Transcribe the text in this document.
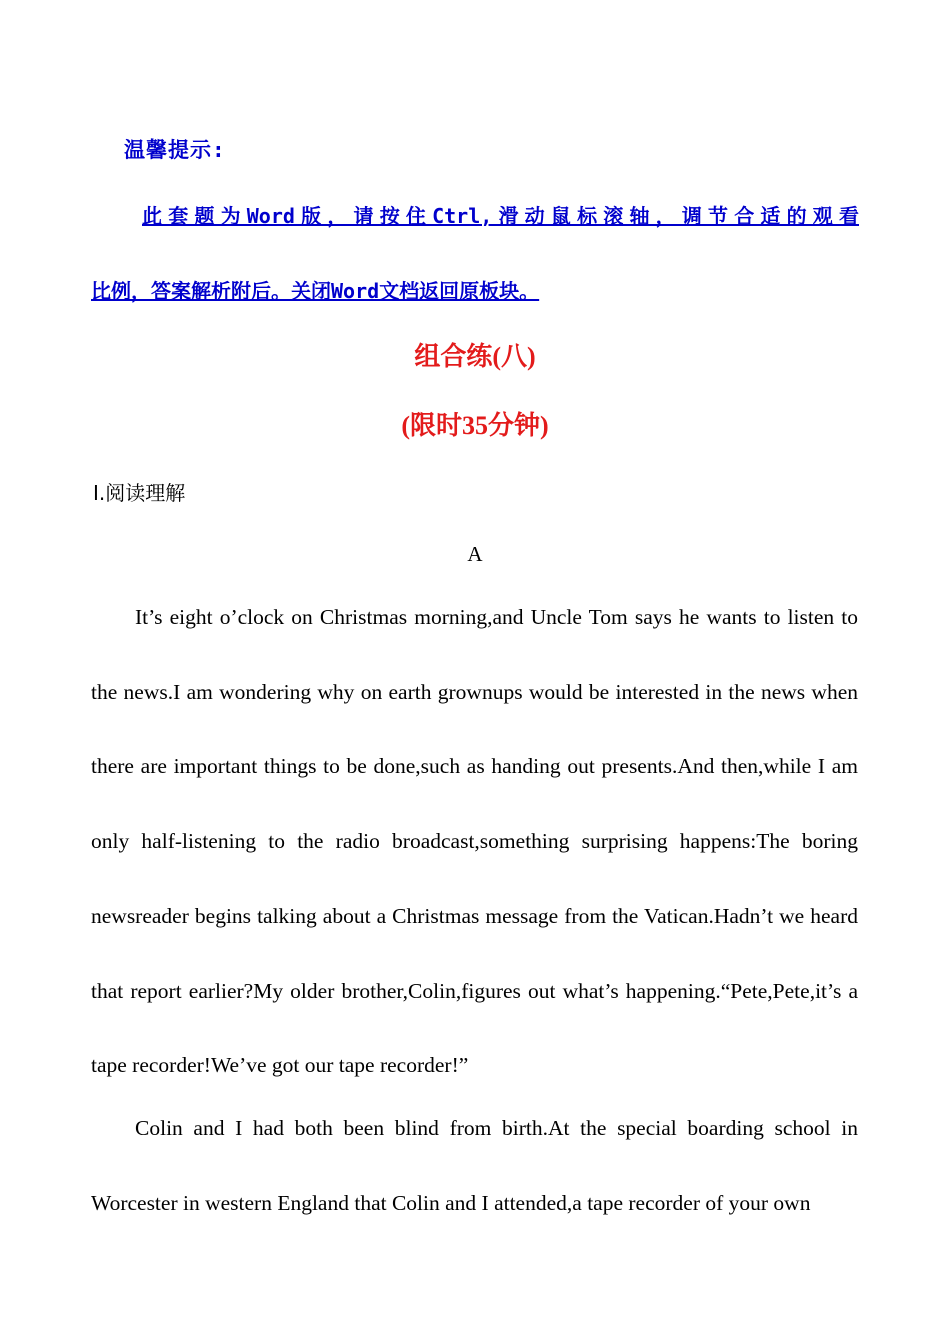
温馨提示:
此套题为Word版，请按住Ctrl,滑动鼠标滚轴，调节合适的观看
比例，答案解析附后。关闭Word文档返回原板块。
组合练(八)
(限时35分钟)
Ⅰ.阅读理解
A

It’s eight o’clock on Christmas morning,and Uncle Tom says he wants to listen to the news.I am wondering why on earth grownups would be interested in the news when there are important things to be done,such as handing out presents.And then,while I am only half-listening to the radio broadcast,something surprising happens:The boring newsreader begins talking about a Christmas message from the Vatican.Hadn’t we heard that report earlier?My older brother,Colin,figures out what’s happening.“Pete,Pete,it’s a tape recorder!We’ve got our tape recorder!”

Colin and I had both been blind from birth.At the special boarding school in Worcester in western England that Colin and I attended,a tape recorder of your own
